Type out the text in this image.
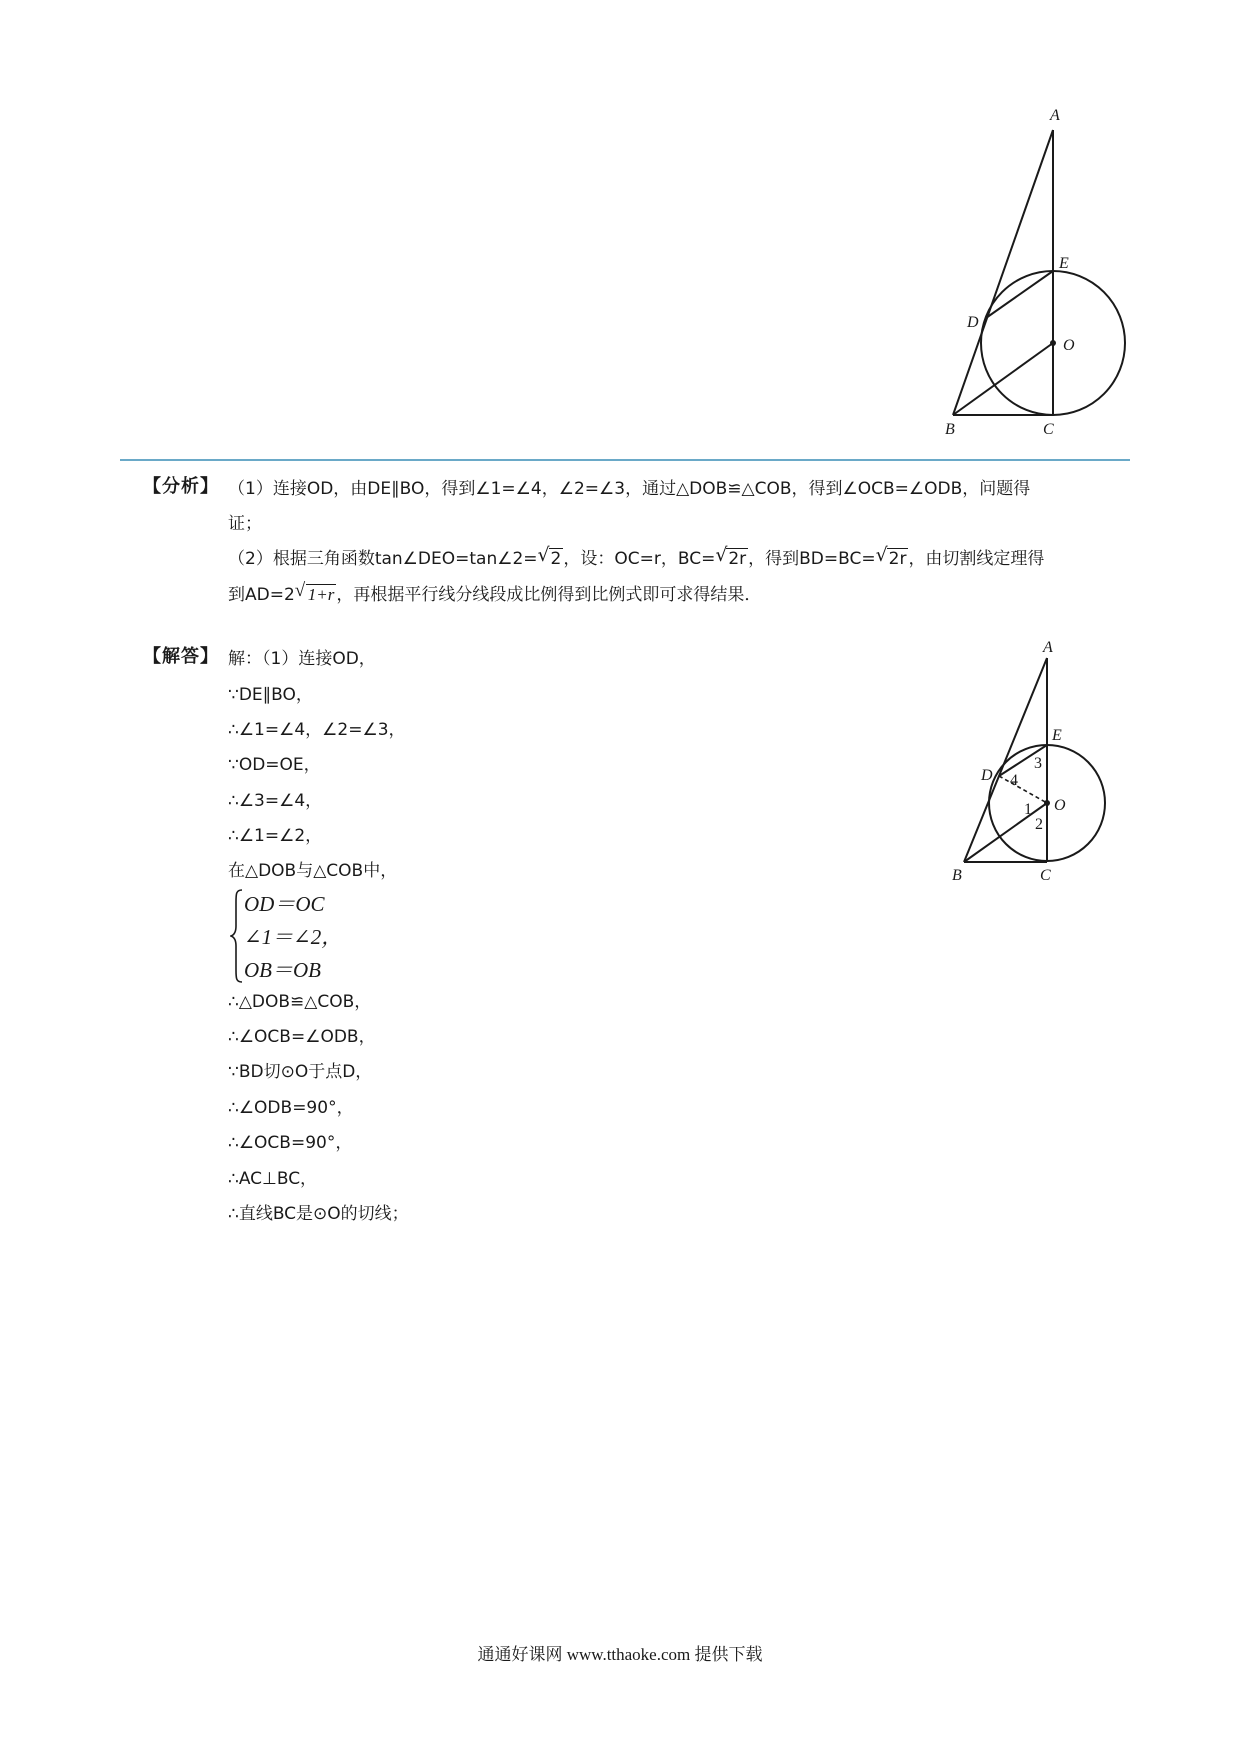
A
E
D
O
B	C
【分析】 （1）连接OD，由DE∥BO，得到∠1=∠4，∠2=∠3，通过△DOB≌△COB，得到∠OCB=∠ODB，问题得
证；
（2）根据三角函数tan∠DEO=tan∠2= √ 2 ，设：OC=r，BC= √ 2r ，得到BD=BC= √ 2r ，由切割线定理得
到AD=2 √ 1+r ，再根据平行线分线段成比例得到比例式即可求得结果．
【解答】 解：（1）连接OD，
∵DE∥BO，
∴∠1=∠4，∠2=∠3，
∵OD=OE，
∴∠3=∠4，
∴∠1=∠2，
在△DOB与△COB中，
OD＝OC
∠1＝∠2，
OB＝OB
∴△DOB≌△COB，
∴∠OCB=∠ODB，
∵BD切⊙O于点D，
∴∠ODB=90°，
∴∠OCB=90°，
∴AC⊥BC，
∴直线BC是⊙O的切线；
A
E
D
O
B	C
1
2
3
4
通通好课网 www.tthaoke.com 提供下载
